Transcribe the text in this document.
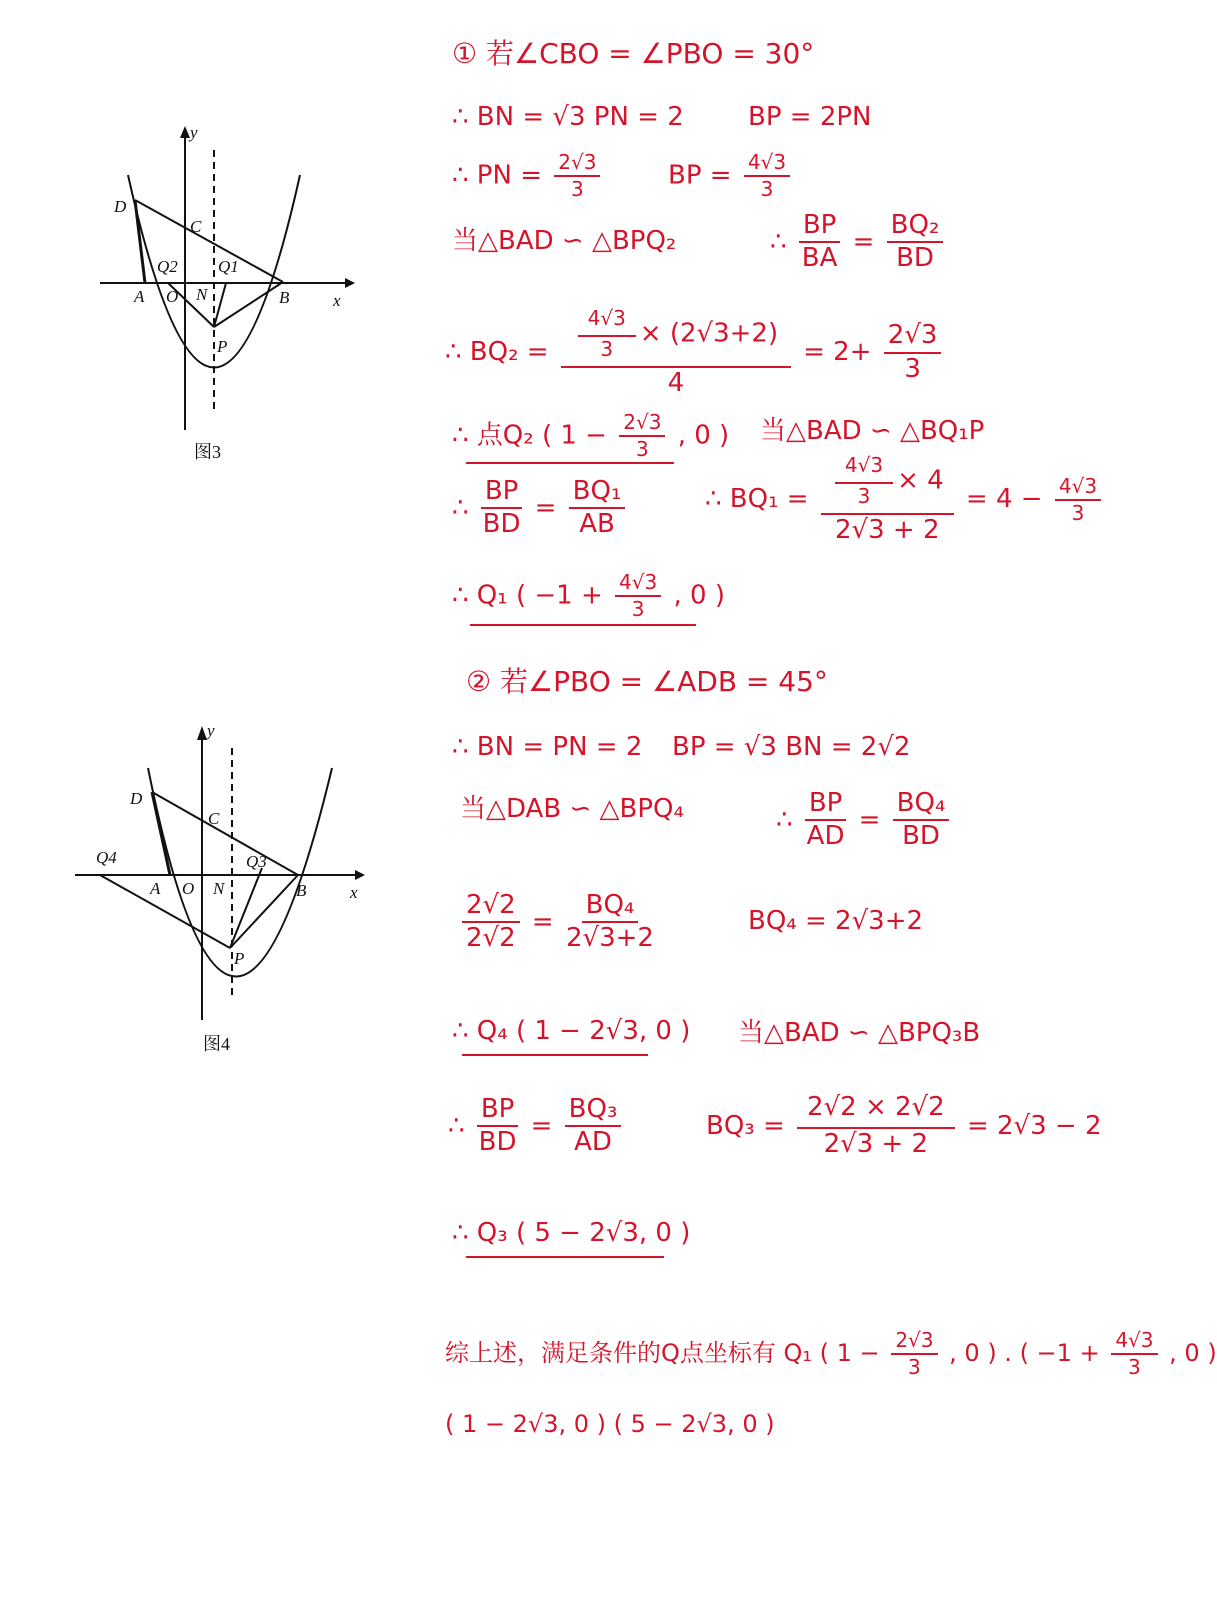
y
x
D
C
Q2 Q1
A O N	B
P
图3
y
x
D
C
Q4	Q3
A O N	B
P
图4
① 若∠CBO = ∠PBO = 30°
∴ BN = √3 PN = 2 BP = 2PN
∴ PN = $\frac{2√3}{3}$	BP = $\frac{4√3}{3}$
当△BAD ∽ △BPQ₂	∴ $\frac{BP}{BA} = \frac{\text{BQ₂}}{BD}$
∴ $BQ_2 = \frac{\frac{4√3}{3} \times (2√3+2)}{4} = 2+ \frac{2√3}{3}$
∴ 点Q₂ ( $1 - \frac{2√3}{3}$ , 0 ) 当△BAD ∽ △BQ₁P
∴ $\frac{BP}{BD} = \frac{\text{BQ₁}}{AB}$	∴ $BQ_1 = \frac{\frac{4√3}{3} \times 4}{2√3 + 2} = 4 - \frac{4√3}{3}$
∴ Q₁ ( $-1 + \frac{4√3}{3}$ , 0 )
② 若∠PBO = ∠ADB = 45°
∴ BN = PN = 2 BP = √3 BN = 2√2
当△DAB ∽ △BPQ₄	∴ $\frac{BP}{AD} = \frac{\text{BQ₄}}{BD}$
$\frac{2√2}{2√2} = \frac{\text{BQ₄}}{2√3+2}$	BQ₄ = 2√3+2
∴ Q₄ ( 1 − 2√3, 0 ) 当△BAD ∽ △BPQ₃B
∴ $\frac{BP}{BD} = \frac{\text{BQ₃}}{AD}$	$BQ_3 = \frac{2√2 \times 2√2}{2√3 + 2} = 2√3 - 2$
∴ Q₃ ( 5 − 2√3, 0 )
综上述，满足条件的Q点坐标有 Q₁ ( $1 - \frac{2√3}{3}$ , 0 ) . ( $-1 + \frac{4√3}{3}$ , 0 )
( 1 − 2√3, 0 ) ( 5 − 2√3, 0 )
